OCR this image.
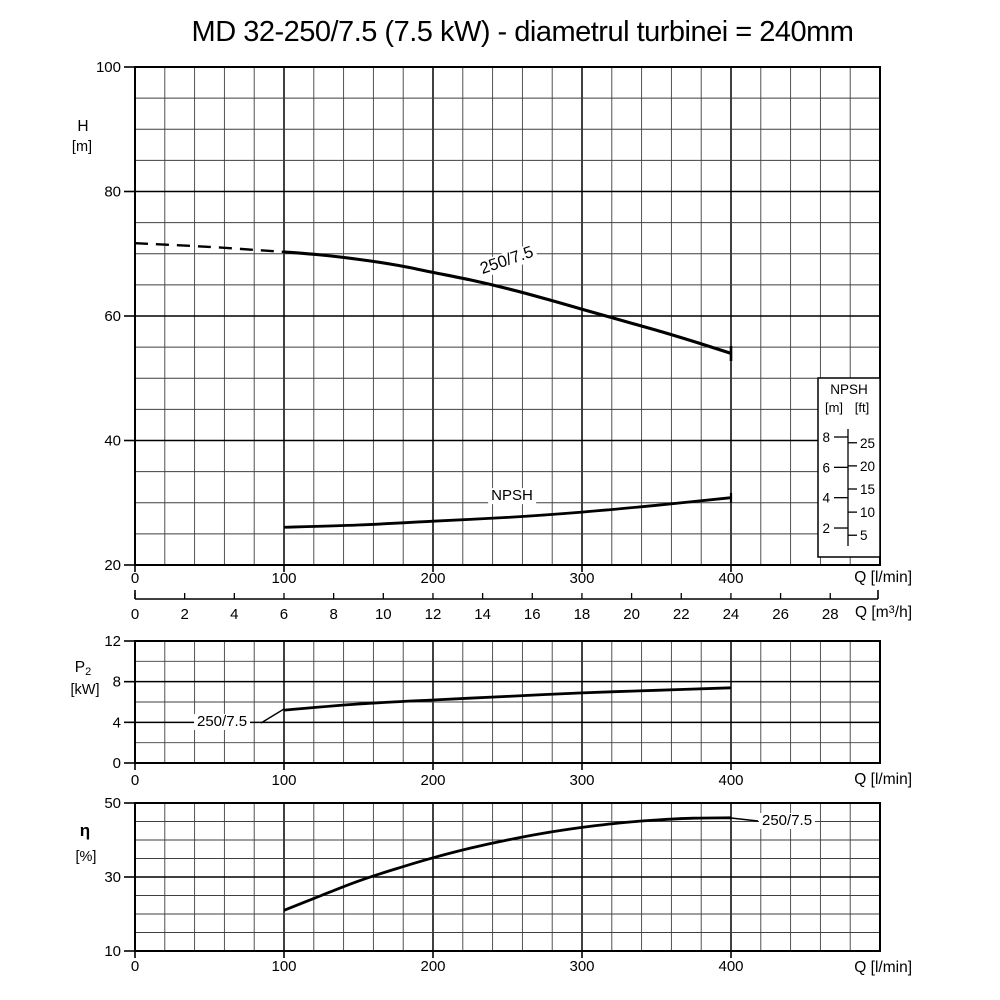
8
6
4
2
25
20
15
10
5
100
80
60
40
20
0	100	200	300	400
12
8
4
0
0	100	200	300	400
50
30
10
0	100	200	300	400
0	2	4	6	8 10 12 14 16 18 20 22 24 26 28
MD 32-250/7.5 (7.5 kW) - diametrul turbinei = 240mm
H
[m]
Q [l/min]
Q $[m^3/h]$
$P_2$
[kW]
Q [l/min]
η
[%]
Q [l/min]
250/7.5
NPSH
250/7.5
250/7.5
NPSH
[m] [ft]
